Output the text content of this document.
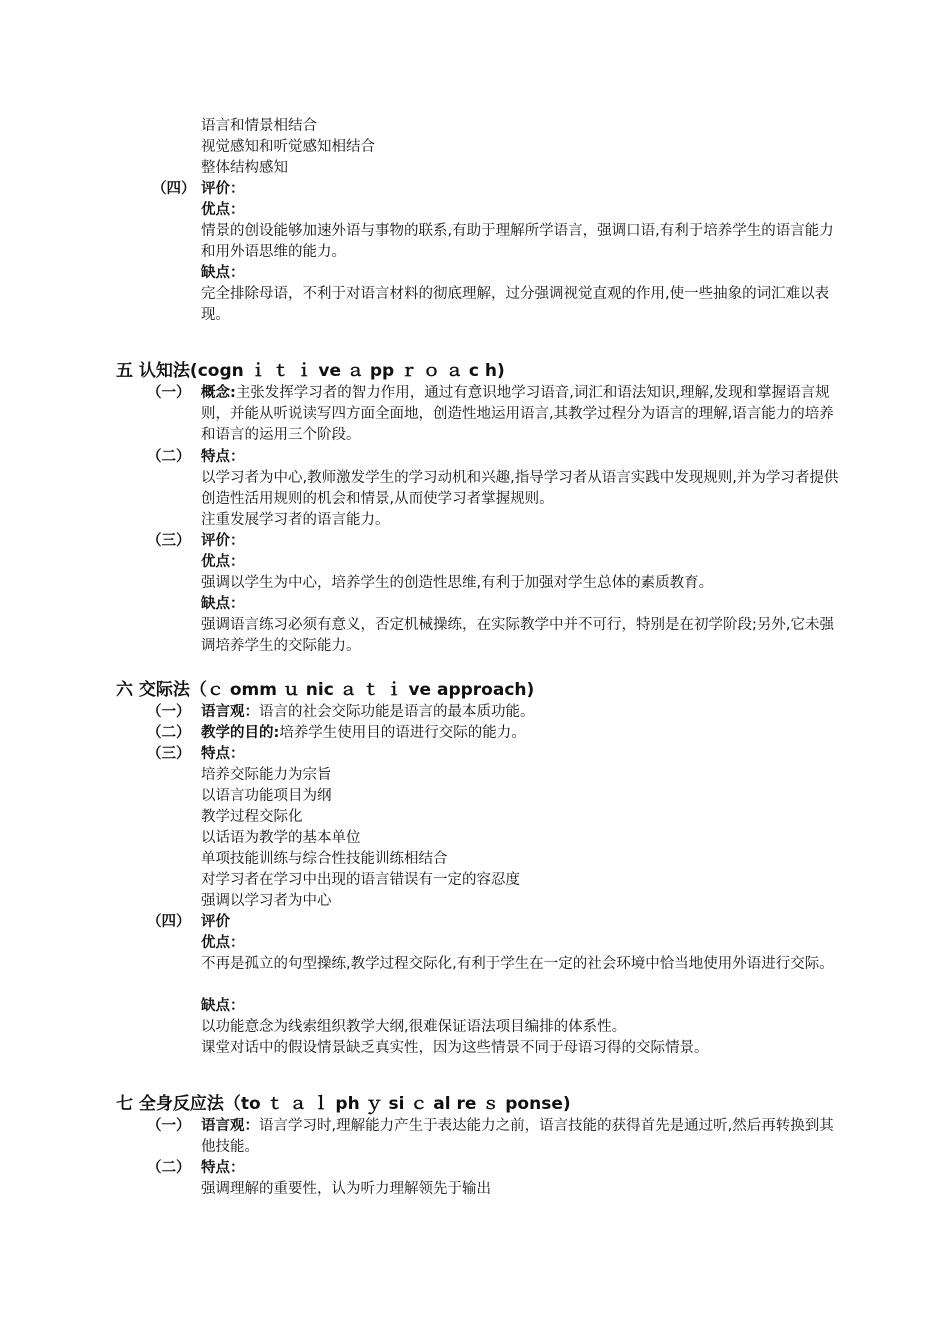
语言和情景相结合
视觉感知和听觉感知相结合
整体结构感知
（四） 评价：
优点：
情景的创设能够加速外语与事物的联系,有助于理解所学语言，强调口语,有利于培养学生的语言能力和用外语思维的能力。
缺点：
完全排除母语，不利于对语言材料的彻底理解，过分强调视觉直观的作用,使一些抽象的词汇难以表现。
五 认知法(cogn ｉ ｔ ｉ ve ａ pp ｒ ｏ ａ c h)
（一） 概念:主张发挥学习者的智力作用，通过有意识地学习语音,词汇和语法知识,理解,发现和掌握语言规则，并能从听说读写四方面全面地，创造性地运用语言,其教学过程分为语言的理解,语言能力的培养和语言的运用三个阶段。
（二） 特点：
以学习者为中心,教师激发学生的学习动机和兴趣,指导学习者从语言实践中发现规则,并为学习者提供创造性活用规则的机会和情景,从而使学习者掌握规则。
注重发展学习者的语言能力。
（三） 评价：
优点：
强调以学生为中心，培养学生的创造性思维,有利于加强对学生总体的素质教育。
缺点：
强调语言练习必须有意义，否定机械操练，在实际教学中并不可行，特别是在初学阶段;另外,它未强调培养学生的交际能力。
六 交际法（ｃ omm ｕ nic ａ ｔ ｉ ve approach)
（一） 语言观：语言的社会交际功能是语言的最本质功能。
（二） 教学的目的:培养学生使用目的语进行交际的能力。
（三） 特点：
培养交际能力为宗旨
以语言功能项目为纲
教学过程交际化
以话语为教学的基本单位
单项技能训练与综合性技能训练相结合
对学习者在学习中出现的语言错误有一定的容忍度
强调以学习者为中心
（四） 评价
优点：
不再是孤立的句型操练,教学过程交际化,有利于学生在一定的社会环境中恰当地使用外语进行交际。
缺点：
以功能意念为线索组织教学大纲,很难保证语法项目编排的体系性。
课堂对话中的假设情景缺乏真实性，因为这些情景不同于母语习得的交际情景。
七 全身反应法（to ｔ ａ ｌ ph ｙ si ｃ al re ｓ ponse)
（一） 语言观：语言学习时,理解能力产生于表达能力之前，语言技能的获得首先是通过听,然后再转换到其他技能。
（二） 特点：
强调理解的重要性，认为听力理解领先于输出
